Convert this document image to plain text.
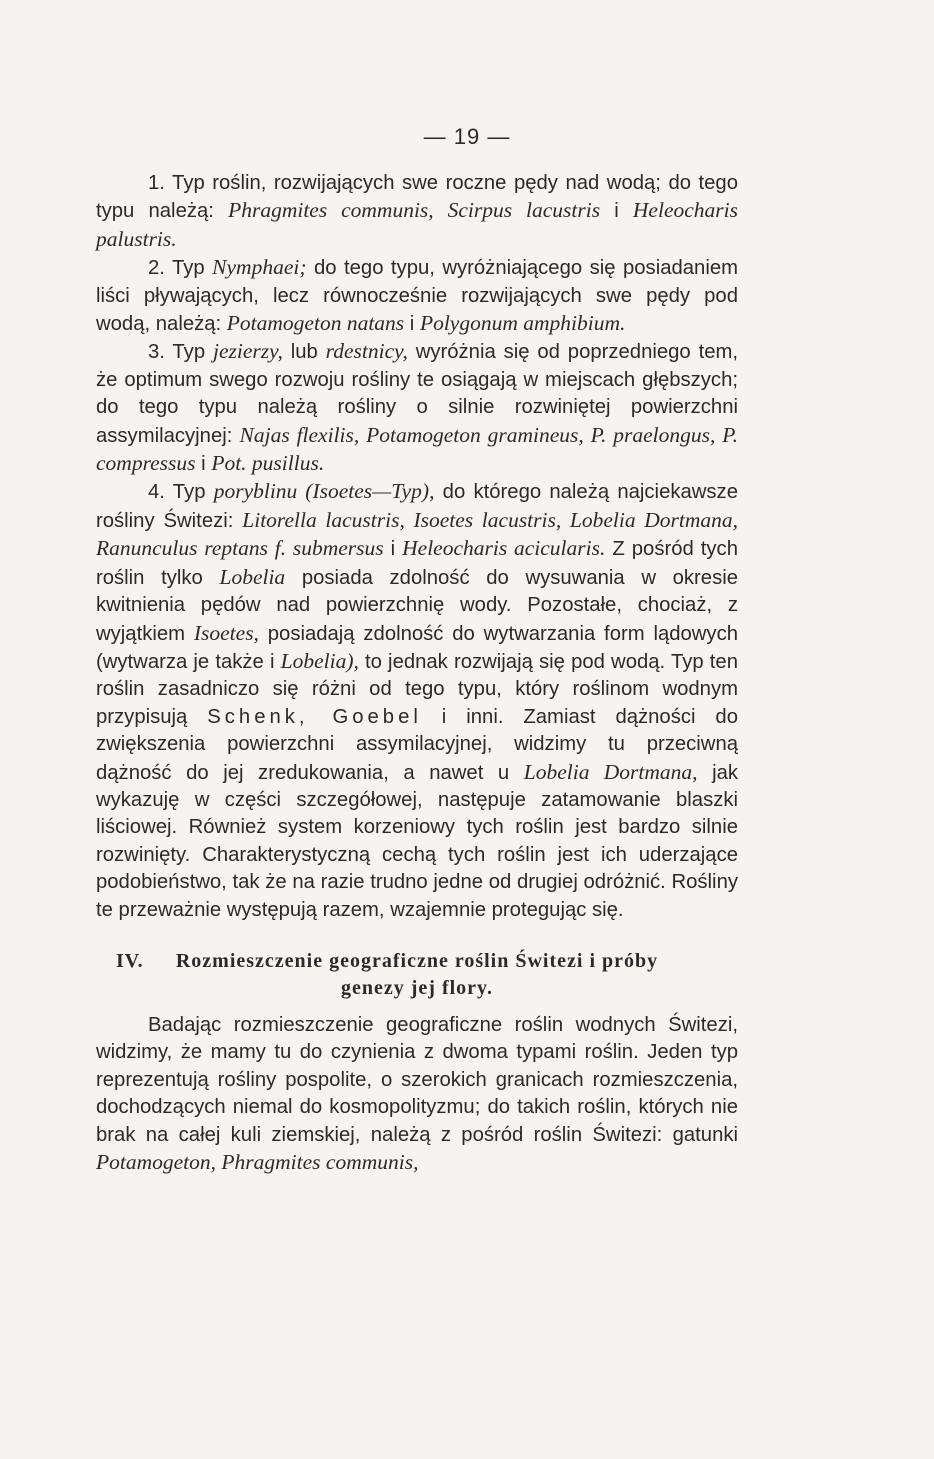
— 19 —

1. Typ roślin, rozwijających swe roczne pędy nad wodą; do tego typu należą: Phragmites communis, Scirpus lacustris i Heleocharis palustris.

2. Typ Nymphaei; do tego typu, wyróżniającego się posiadaniem liści pływających, lecz równocześnie rozwijających swe pędy pod wodą, należą: Potamogeton natans i Polygonum amphibium.

3. Typ jezierzy, lub rdestnicy, wyróżnia się od poprzedniego tem, że optimum swego rozwoju rośliny te osiągają w miejscach głębszych; do tego typu należą rośliny o silnie rozwiniętej powierzchni assymilacyjnej: Najas flexilis, Potamogeton gramineus, P. praelongus, P. compressus i Pot. pusillus.

4. Typ poryblinu (Isoetes—Typ), do którego należą najciekawsze rośliny Świtezi: Litorella lacustris, Isoetes lacustris, Lobelia Dortmana, Ranunculus reptans f. submersus i Heleocharis acicularis. Z pośród tych roślin tylko Lobelia posiada zdolność do wysuwania w okresie kwitnienia pędów nad powierzchnię wody. Pozostałe, chociaż, z wyjątkiem Isoetes, posiadają zdolność do wytwarzania form lądowych (wytwarza je także i Lobelia), to jednak rozwijają się pod wodą. Typ ten roślin zasadniczo się różni od tego typu, który roślinom wodnym przypisują Schenk, Goebel i inni. Zamiast dążności do zwiększenia powierzchni assymilacyjnej, widzimy tu przeciwną dążność do jej zredukowania, a nawet u Lobelia Dortmana, jak wykazuję w części szczegółowej, następuje zatamowanie blaszki liściowej. Również system korzeniowy tych roślin jest bardzo silnie rozwinięty. Charakterystyczną cechą tych roślin jest ich uderzające podobieństwo, tak że na razie trudno jedne od drugiej odróżnić. Rośliny te przeważnie występują razem, wzajemnie protegując się.

IV.	Rozmieszczenie geograficzne roślin Świtezi i próby
genezy jej flory.

Badając rozmieszczenie geograficzne roślin wodnych Świtezi, widzimy, że mamy tu do czynienia z dwoma typami roślin. Jeden typ reprezentują rośliny pospolite, o szerokich granicach rozmieszczenia, dochodzących niemal do kosmopolityzmu; do takich roślin, których nie brak na całej kuli ziemskiej, należą z pośród roślin Świtezi: gatunki Potamogeton, Phragmites communis,
